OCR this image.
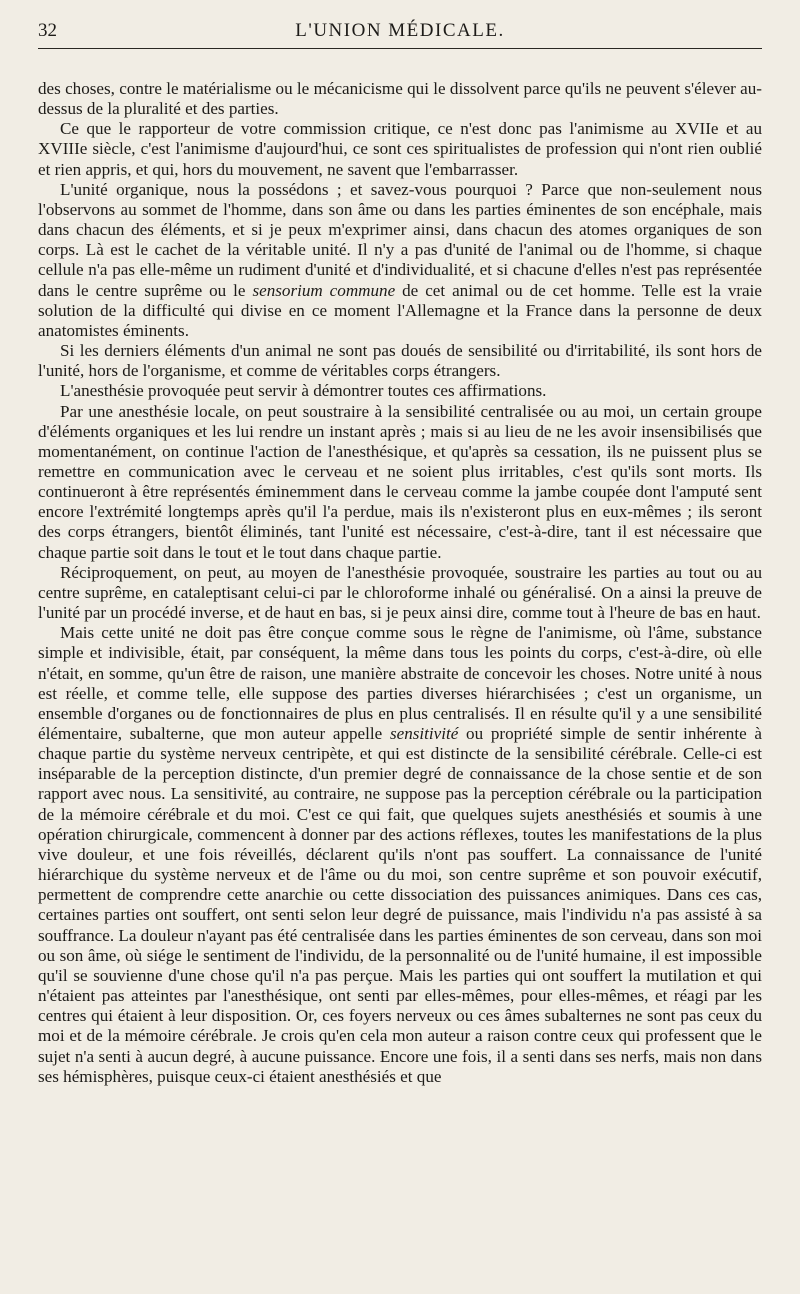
32	L'UNION MÉDICALE.

des choses, contre le matérialisme ou le mécanicisme qui le dissolvent parce qu'ils ne peuvent s'élever au-dessus de la pluralité et des parties.

Ce que le rapporteur de votre commission critique, ce n'est donc pas l'animisme au XVIIe et au XVIIIe siècle, c'est l'animisme d'aujourd'hui, ce sont ces spiritualistes de profession qui n'ont rien oublié et rien appris, et qui, hors du mouvement, ne savent que l'embarrasser.

L'unité organique, nous la possédons ; et savez-vous pourquoi ? Parce que non-seulement nous l'observons au sommet de l'homme, dans son âme ou dans les parties éminentes de son encéphale, mais dans chacun des éléments, et si je peux m'exprimer ainsi, dans chacun des atomes organiques de son corps. Là est le cachet de la véritable unité. Il n'y a pas d'unité de l'animal ou de l'homme, si chaque cellule n'a pas elle-même un rudiment d'unité et d'individualité, et si chacune d'elles n'est pas représentée dans le centre suprême ou le sensorium commune de cet animal ou de cet homme. Telle est la vraie solution de la difficulté qui divise en ce moment l'Allemagne et la France dans la personne de deux anatomistes éminents.

Si les derniers éléments d'un animal ne sont pas doués de sensibilité ou d'irritabilité, ils sont hors de l'unité, hors de l'organisme, et comme de véritables corps étrangers.

L'anesthésie provoquée peut servir à démontrer toutes ces affirmations.

Par une anesthésie locale, on peut soustraire à la sensibilité centralisée ou au moi, un certain groupe d'éléments organiques et les lui rendre un instant après ; mais si au lieu de ne les avoir insensibilisés que momentanément, on continue l'action de l'anesthésique, et qu'après sa cessation, ils ne puissent plus se remettre en communication avec le cerveau et ne soient plus irritables, c'est qu'ils sont morts. Ils continueront à être représentés éminemment dans le cerveau comme la jambe coupée dont l'amputé sent encore l'extrémité longtemps après qu'il l'a perdue, mais ils n'existeront plus en eux-mêmes ; ils seront des corps étrangers, bientôt éliminés, tant l'unité est nécessaire, c'est-à-dire, tant il est nécessaire que chaque partie soit dans le tout et le tout dans chaque partie.

Réciproquement, on peut, au moyen de l'anesthésie provoquée, soustraire les parties au tout ou au centre suprême, en cataleptisant celui-ci par le chloroforme inhalé ou généralisé. On a ainsi la preuve de l'unité par un procédé inverse, et de haut en bas, si je peux ainsi dire, comme tout à l'heure de bas en haut.

Mais cette unité ne doit pas être conçue comme sous le règne de l'animisme, où l'âme, substance simple et indivisible, était, par conséquent, la même dans tous les points du corps, c'est-à-dire, où elle n'était, en somme, qu'un être de raison, une manière abstraite de concevoir les choses. Notre unité à nous est réelle, et comme telle, elle suppose des parties diverses hiérarchisées ; c'est un organisme, un ensemble d'organes ou de fonctionnaires de plus en plus centralisés. Il en résulte qu'il y a une sensibilité élémentaire, subalterne, que mon auteur appelle sensitivité ou propriété simple de sentir inhérente à chaque partie du système nerveux centripète, et qui est distincte de la sensibilité cérébrale. Celle-ci est inséparable de la perception distincte, d'un premier degré de connaissance de la chose sentie et de son rapport avec nous. La sensitivité, au contraire, ne suppose pas la perception cérébrale ou la participation de la mémoire cérébrale et du moi. C'est ce qui fait, que quelques sujets anesthésiés et soumis à une opération chirurgicale, commencent à donner par des actions réflexes, toutes les manifestations de la plus vive douleur, et une fois réveillés, déclarent qu'ils n'ont pas souffert. La connaissance de l'unité hiérarchique du système nerveux et de l'âme ou du moi, son centre suprême et son pouvoir exécutif, permettent de comprendre cette anarchie ou cette dissociation des puissances animiques. Dans ces cas, certaines parties ont souffert, ont senti selon leur degré de puissance, mais l'individu n'a pas assisté à sa souffrance. La douleur n'ayant pas été centralisée dans les parties éminentes de son cerveau, dans son moi ou son âme, où siége le sentiment de l'individu, de la personnalité ou de l'unité humaine, il est impossible qu'il se souvienne d'une chose qu'il n'a pas perçue. Mais les parties qui ont souffert la mutilation et qui n'étaient pas atteintes par l'anesthésique, ont senti par elles-mêmes, pour elles-mêmes, et réagi par les centres qui étaient à leur disposition. Or, ces foyers nerveux ou ces âmes subalternes ne sont pas ceux du moi et de la mémoire cérébrale. Je crois qu'en cela mon auteur a raison contre ceux qui professent que le sujet n'a senti à aucun degré, à aucune puissance. Encore une fois, il a senti dans ses nerfs, mais non dans ses hémisphères, puisque ceux-ci étaient anesthésiés et que
